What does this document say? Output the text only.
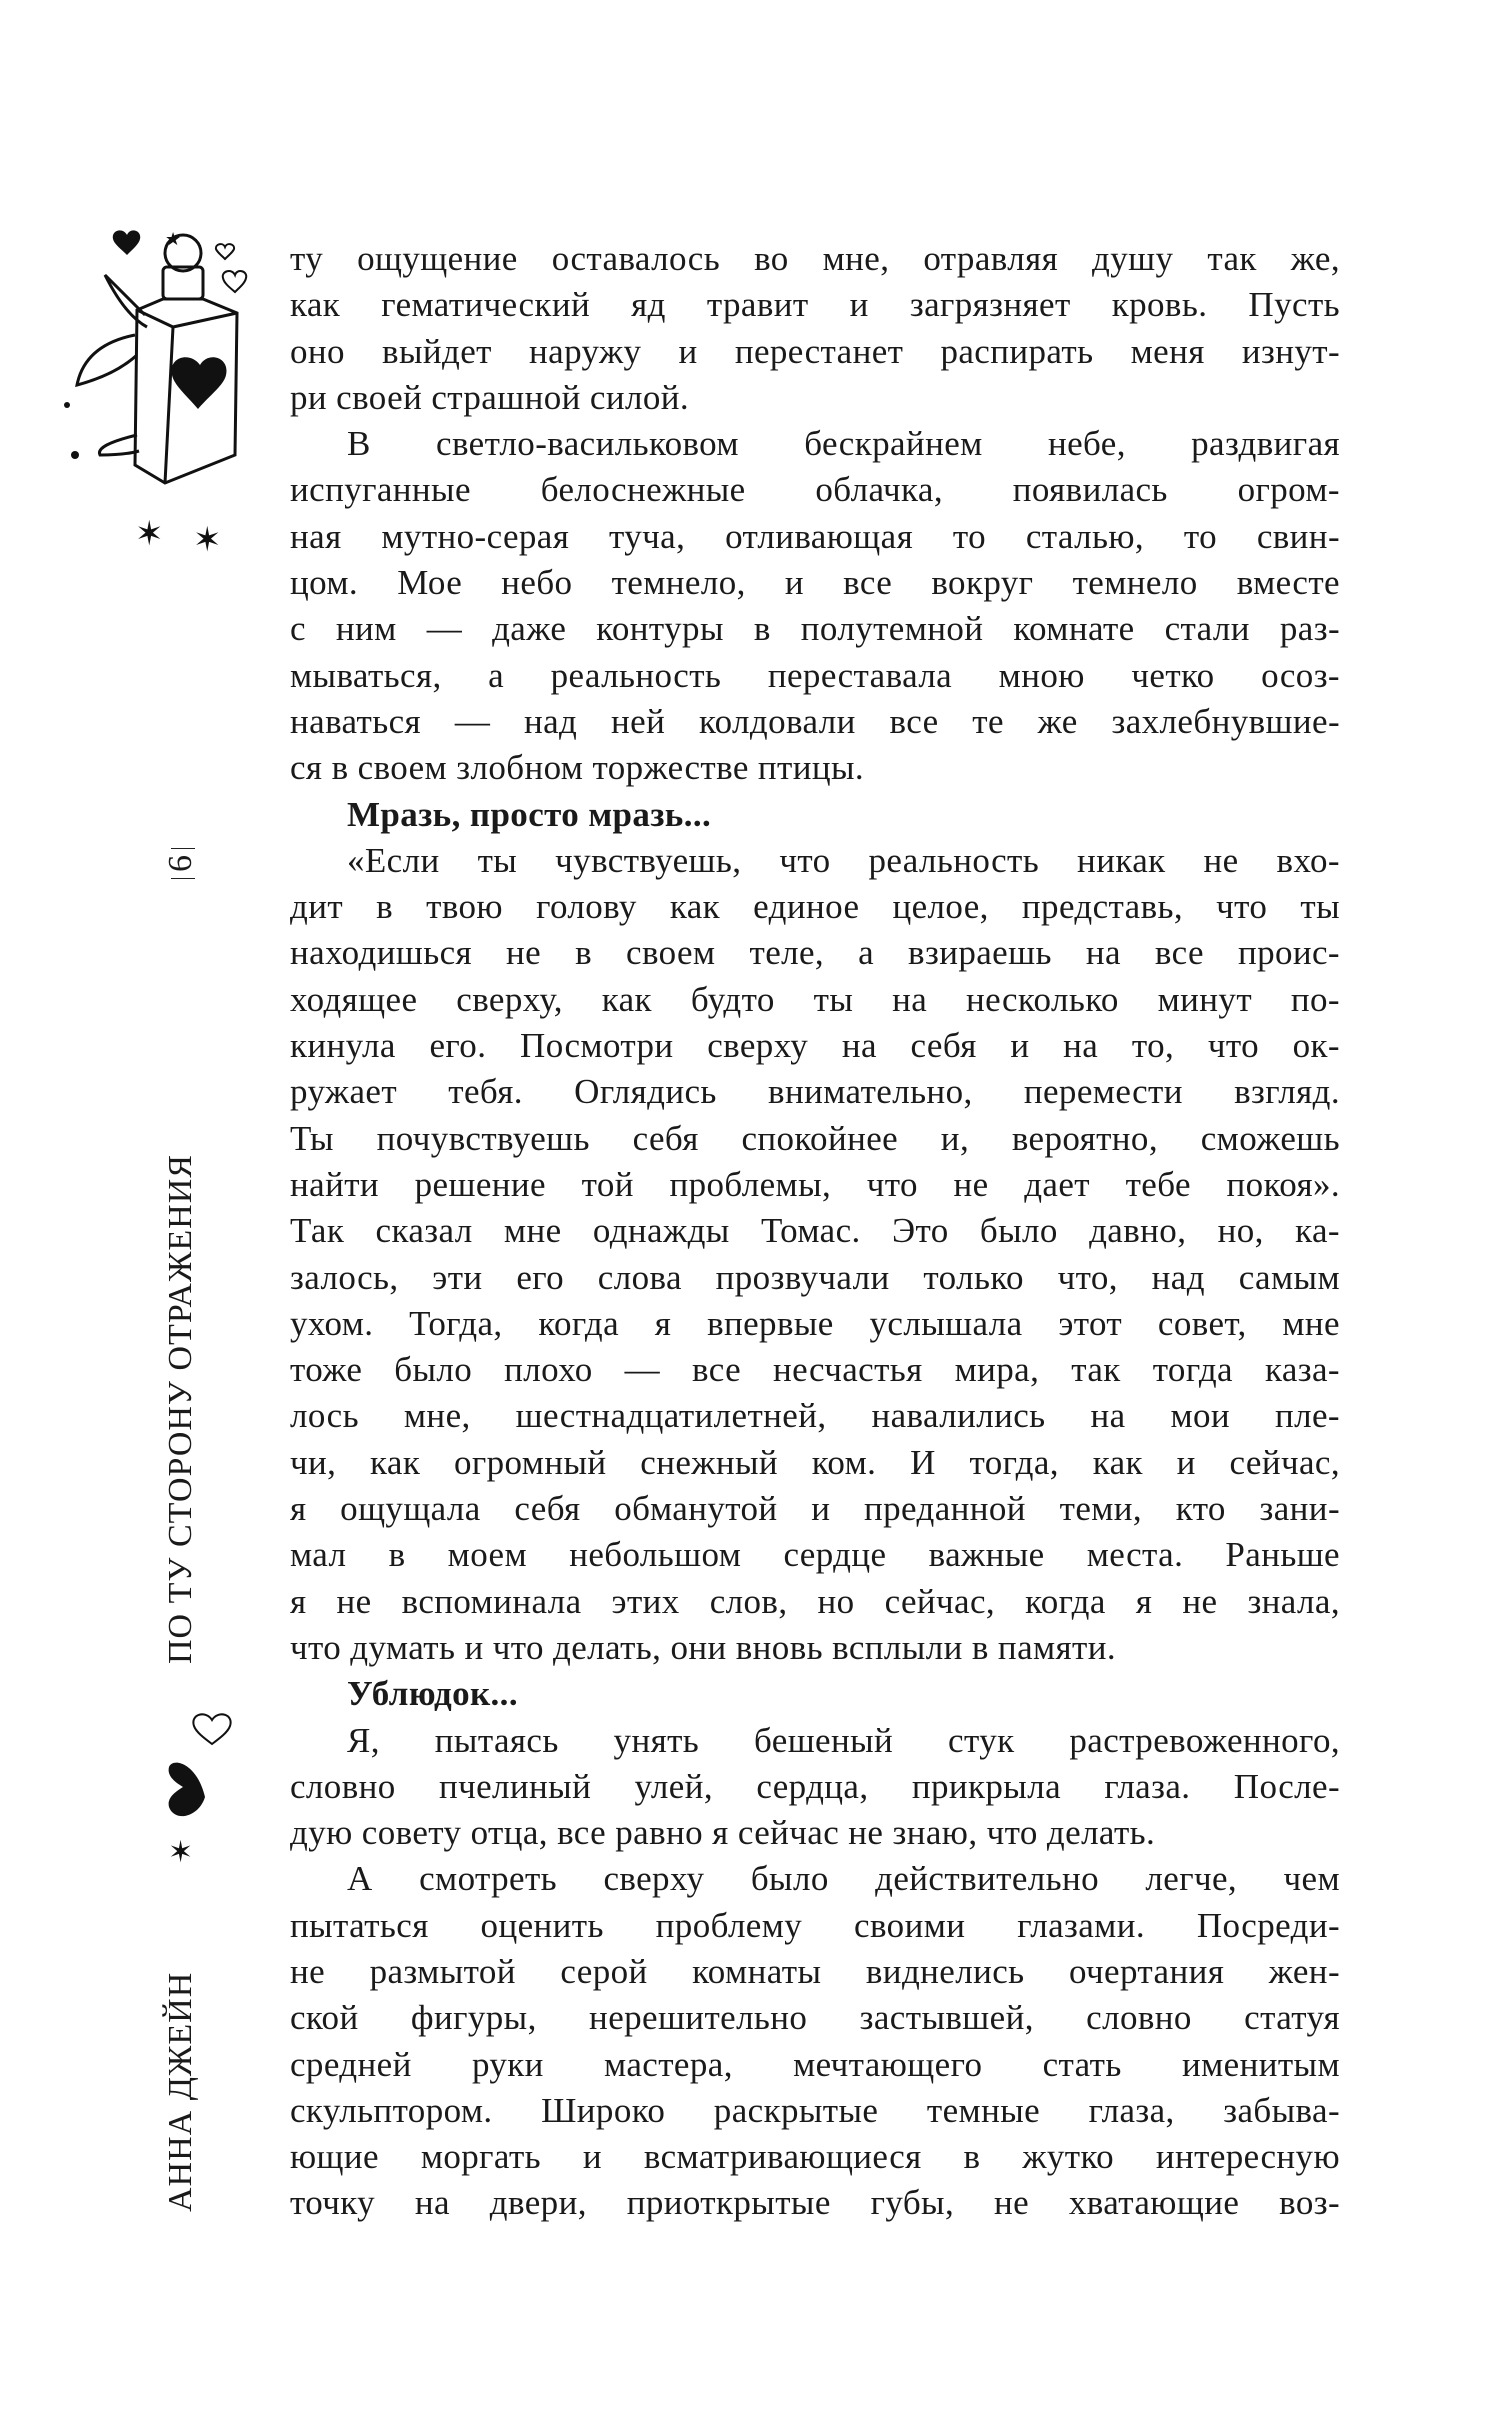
★
✶ ✶
6
ПО ТУ СТОРОНУ ОТРАЖЕНИЯ
АННА ДЖЕЙН
✶
ту ощущение оставалось во мне, отравляя душу так же,
как гематический яд травит и загрязняет кровь. Пусть
оно выйдет наружу и перестанет распирать меня изнут-
ри своей страшной силой.
В светло-васильковом бескрайнем небе, раздвигая
испуганные белоснежные облачка, появилась огром-
ная мутно-серая туча, отливающая то сталью, то свин-
цом. Мое небо темнело, и все вокруг темнело вместе
с ним — даже контуры в полутемной комнате стали раз-
мываться, а реальность переставала мною четко осоз-
наваться — над ней колдовали все те же захлебнувшие-
ся в своем злобном торжестве птицы.
Мразь, просто мразь...
«Если ты чувствуешь, что реальность никак не вхо-
дит в твою голову как единое целое, представь, что ты
находишься не в своем теле, а взираешь на все проис-
ходящее сверху, как будто ты на несколько минут по-
кинула его. Посмотри сверху на себя и на то, что ок-
ружает тебя. Оглядись внимательно, перемести взгляд.
Ты почувствуешь себя спокойнее и, вероятно, сможешь
найти решение той проблемы, что не дает тебе покоя».
Так сказал мне однажды Томас. Это было давно, но, ка-
залось, эти его слова прозвучали только что, над самым
ухом. Тогда, когда я впервые услышала этот совет, мне
тоже было плохо — все несчастья мира, так тогда каза-
лось мне, шестнадцатилетней, навалились на мои пле-
чи, как огромный снежный ком. И тогда, как и сейчас,
я ощущала себя обманутой и преданной теми, кто зани-
мал в моем небольшом сердце важные места. Раньше
я не вспоминала этих слов, но сейчас, когда я не знала,
что думать и что делать, они вновь всплыли в памяти.
Ублюдок...
Я, пытаясь унять бешеный стук растревоженного,
словно пчелиный улей, сердца, прикрыла глаза. После-
дую совету отца, все равно я сейчас не знаю, что делать.
А смотреть сверху было действительно легче, чем
пытаться оценить проблему своими глазами. Посреди-
не размытой серой комнаты виднелись очертания жен-
ской фигуры, нерешительно застывшей, словно статуя
средней руки мастера, мечтающего стать именитым
скульптором. Широко раскрытые темные глаза, забыва-
ющие моргать и всматривающиеся в жутко интересную
точку на двери, приоткрытые губы, не хватающие воз-
